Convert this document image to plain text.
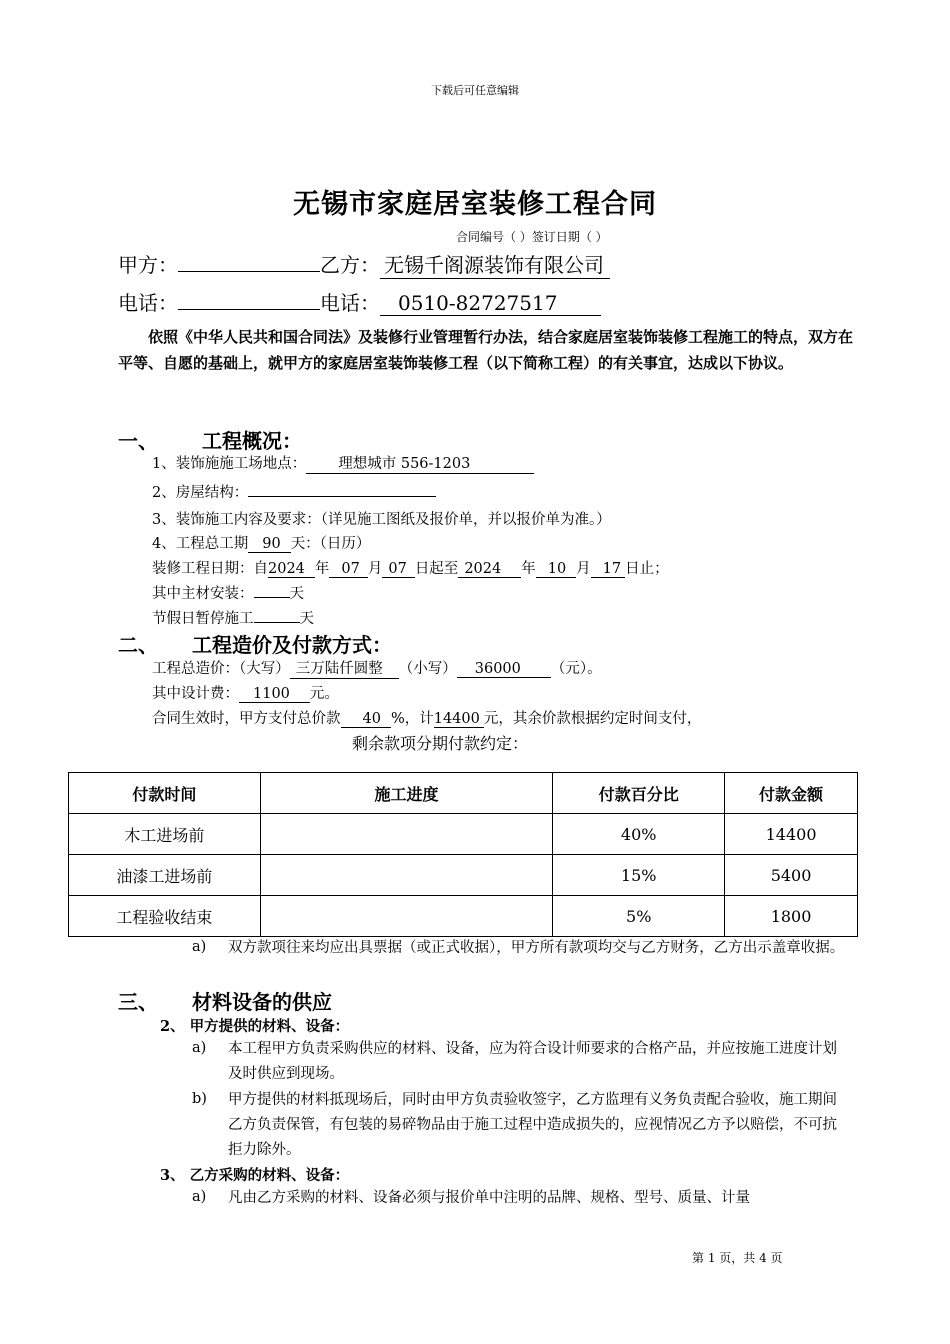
下载后可任意编辑
无锡市家庭居室装修工程合同
合同编号（ ）签订日期（ ）
甲方：	乙方： 无锡千阁源装饰有限公司
电话：	电话： 0510-82727517
依照《中华人民共和国合同法》及装修行业管理暂行办法，结合家庭居室装饰装修工程施工的特点，双方在平等、自愿的基础上，就甲方的家庭居室装饰装修工程（以下简称工程）的有关事宜，达成以下协议。
一、 工程概况：
1、装饰施施工场地点： 理想城市 556-1203
2、房屋结构：
3、装饰施工内容及要求：（详见施工图纸及报价单，并以报价单为准。）
4、工程总工期 90 天：（日历）
装修工程日期：自2024 年 07 月 07 日起至 2024 年 10 月 17 日止；
其中主材安装： 天
节假日暂停施工	天
二、 工程造价及付款方式：
工程总造价：（大写） 三万陆仟圆整 （小写） 36000 （元）。
其中设计费： 1100 元。
合同生效时，甲方支付总价款 40 %，计14400 元，其余价款根据约定时间支付，
剩余款项分期付款约定：
付款时间	施工进度	付款百分比	付款金额
木工进场前		40%	14400
油漆工进场前		15%	5400
工程验收结束		5%	1800
a) 双方款项往来均应出具票据（或正式收据），甲方所有款项均交与乙方财务，乙方出示盖章收据。
三、 材料设备的供应
2、 甲方提供的材料、设备：
a) 本工程甲方负责采购供应的材料、设备，应为符合设计师要求的合格产品，并应按施工进度计划及时供应到现场。
b) 甲方提供的材料抵现场后，同时由甲方负责验收签字，乙方监理有义务负责配合验收，施工期间乙方负责保管，有包装的易碎物品由于施工过程中造成损失的，应视情况乙方予以赔偿，不可抗拒力除外。
3、 乙方采购的材料、设备：
a) 凡由乙方采购的材料、设备必须与报价单中注明的品牌、规格、型号、质量、计量
第 1 页，共 4 页
